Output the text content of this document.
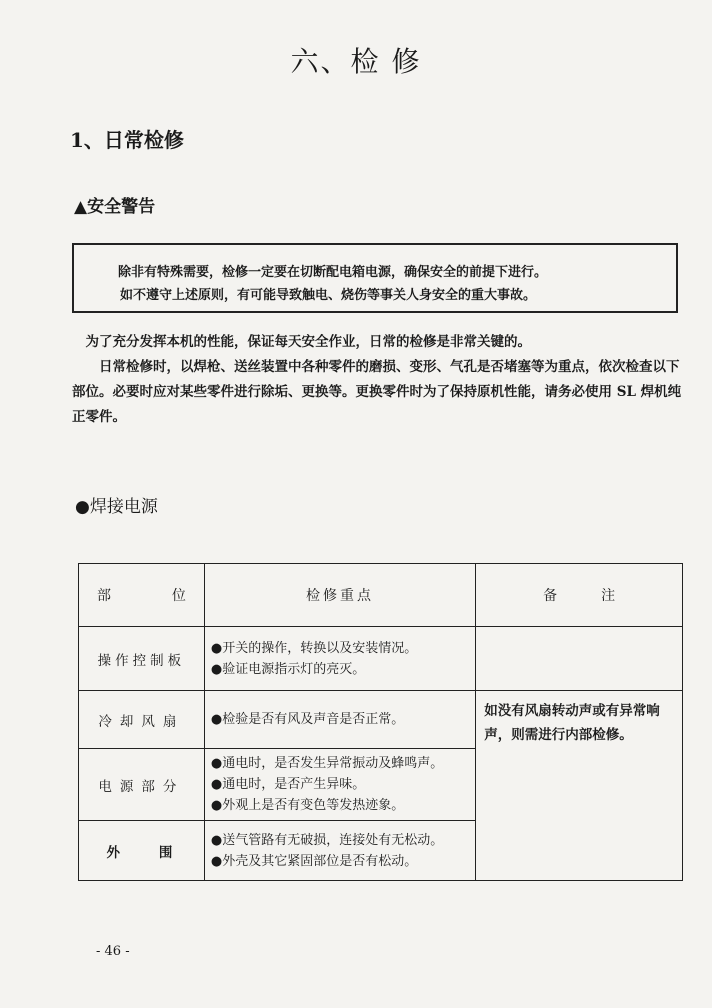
六、检 修
1、日常检修
▲安全警告
除非有特殊需要，检修一定要在切断配电箱电源，确保安全的前提下进行。
如不遵守上述原则，有可能导致触电、烧伤等事关人身安全的重大事故。

为了充分发挥本机的性能，保证每天安全作业，日常的检修是非常关键的。

日常检修时，以焊枪、送丝装置中各种零件的磨损、变形、气孔是否堵塞等为重点，依次检查以下部位。必要时应对某些零件进行除垢、更换等。更换零件时为了保持原机性能，请务必使用 SL 焊机纯正零件。

●焊接电源
部位	检修重点	备注
操作控制板	●开关的操作，转换以及安装情况。
●验证电源指示灯的亮灭。	

冷却风扇	●检验是否有风及声音是否正常。	如没有风扇转动声或有异常响声，则需进行内部检修。
电源部分	●通电时，是否发生异常振动及蜂鸣声。
●通电时，是否产生异味。
●外观上是否有变色等发热迹象。	

外    围	●送气管路有无破损，连接处有无松动。
●外壳及其它紧固部位是否有松动。	
- 46 -
